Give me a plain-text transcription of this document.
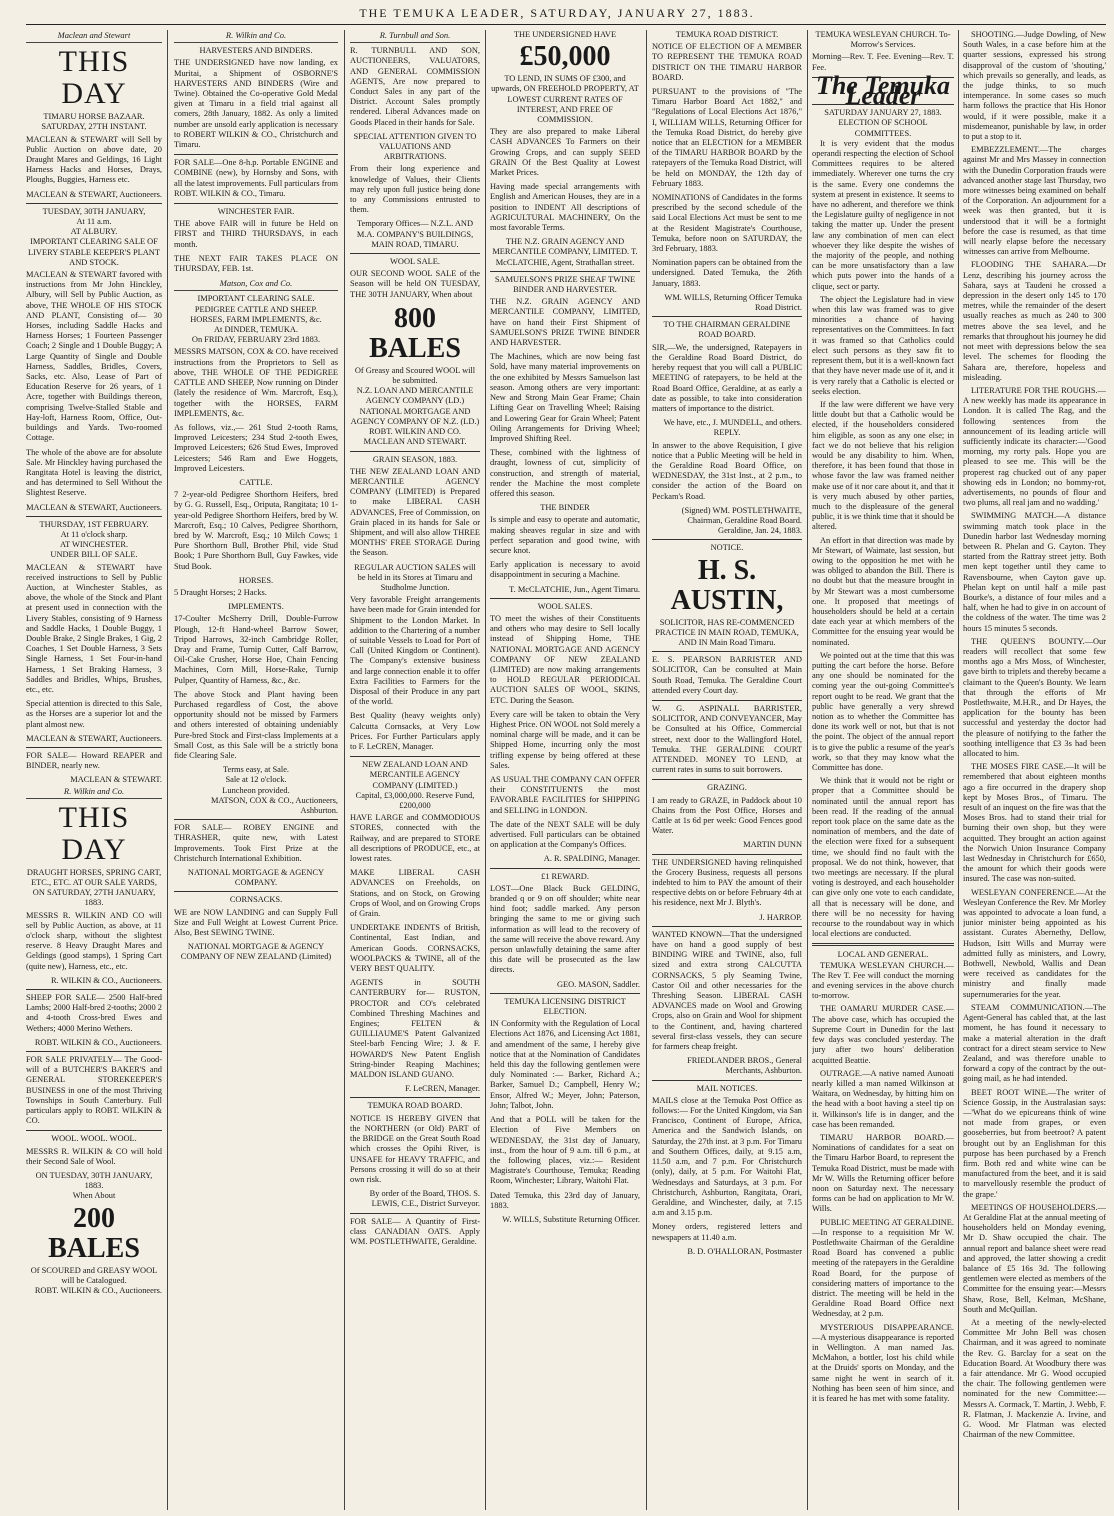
THE TEMUKA LEADER, SATURDAY, JANUARY 27, 1883.
Maclean and Stewart
THIS DAY
TIMARU HORSE BAZAAR.
SATURDAY, 27TH INSTANT.
MACLEAN & STEWART will Sell by Public Auction on above date, 20 Draught Mares and Geldings, 16 Light Harness Hacks and Horses, Drays, Ploughs, Buggies, Harness etc.
MACLEAN & STEWART, Auctioneers.
TUESDAY, 30TH JANUARY,
At 11 a.m.
AT ALBURY.
IMPORTANT CLEARING SALE OF LIVERY STABLE KEEPER'S PLANT AND STOCK.
MACLEAN & STEWART favored with instructions from Mr John Hinckley, Albury, will Sell by Public Auction, as above, THE WHOLE OF HIS STOCK AND PLANT, Consisting of— 30 Horses, including Saddle Hacks and Harness Horses; 1 Fourteen Passenger Coach; 2 Single and 1 Double Buggy; A Large Quantity of Single and Double Harness, Saddles, Bridles, Covers, Sacks, etc. Also, Lease of Part of Education Reserve for 26 years, of 1 Acre, together with Buildings thereon, comprising Twelve-Stalled Stable and Hay-loft, Harness Room, Office, Out-buildings and Yards. Two-roomed Cottage.
The whole of the above are for absolute Sale. Mr Hinckley having purchased the Rangitata Hotel is leaving the district, and has determined to Sell Without the Slightest Reserve.
MACLEAN & STEWART, Auctioneers.
THURSDAY, 1ST FEBRUARY.
At 11 o'clock sharp.
AT WINCHESTER.
UNDER BILL OF SALE.
MACLEAN & STEWART have received instructions to Sell by Public Auction, at Winchester Stables, as above, the whole of the Stock and Plant at present used in connection with the Livery Stables, consisting of 9 Harness and Saddle Hacks, 1 Double Buggy, 1 Double Brake, 2 Single Brakes, 1 Gig, 2 Coaches, 1 Set Double Harness, 3 Sets Single Harness, 1 Set Four-in-hand Harness, 1 Set Braking Harness, 3 Saddles and Bridles, Whips, Brushes, etc., etc.
Special attention is directed to this Sale, as the Horses are a superior lot and the plant almost new.
MACLEAN & STEWART, Auctioneers.
FOR SALE— Howard REAPER and BINDER, nearly new.
MACLEAN & STEWART.
R. Wilkin and Co.
THIS DAY
DRAUGHT HORSES, SPRING CART, ETC., ETC. AT OUR SALE YARDS, ON SATURDAY, 27TH JANUARY, 1883.
MESSRS R. WILKIN AND CO will sell by Public Auction, as above, at 11 o'clock sharp, without the slightest reserve. 8 Heavy Draught Mares and Geldings (good stamps), 1 Spring Cart (quite new), Harness, etc., etc.
R. WILKIN & CO., Auctioneers.
SHEEP FOR SALE— 2500 Half-bred Lambs; 2000 Half-bred 2-tooths; 2000 2 and 4-tooth Cross-bred Ewes and Wethers; 4000 Merino Wethers.
ROBT. WILKIN & CO., Auctioneers.
FOR SALE PRIVATELY— The Good-will of a BUTCHER'S BAKER'S and GENERAL STOREKEEPER'S BUSINESS in one of the most Thriving Townships in South Canterbury. Full particulars apply to ROBT. WILKIN & CO.
WOOL. WOOL. WOOL.
MESSRS R. WILKIN & CO will hold their Second Sale of Wool.
ON TUESDAY, 30TH JANUARY, 1883.
When About
200 BALES
Of SCOURED and GREASY WOOL will be Catalogued.
ROBT. WILKIN & CO., Auctioneers.
R. Wilkin and Co.
HARVESTERS AND BINDERS.
THE UNDERSIGNED have now landing, ex Muritai, a Shipment of OSBORNE'S HARVESTERS AND BINDERS (Wire and Twine). Obtained the Co-operative Gold Medal given at Timaru in a field trial against all comers, 28th January, 1882. As only a limited number are unsold early application is necessary to ROBERT WILKIN & CO., Christchurch and Timaru.
FOR SALE—One 8-h.p. Portable ENGINE and COMBINE (new), by Hornsby and Sons, with all the latest improvements. Full particulars from ROBT. WILKIN & CO., Timaru.
WINCHESTER FAIR.
THE above FAIR will in future be Held on FIRST and THIRD THURSDAYS, in each month.
THE NEXT FAIR TAKES PLACE ON THURSDAY, FEB. 1st.
Matson, Cox and Co.
IMPORTANT CLEARING SALE.
PEDIGREE CATTLE AND SHEEP.
HORSES, FARM IMPLEMENTS, &c.
At DINDER, TEMUKA.
On FRIDAY, FEBRUARY 23rd 1883.
MESSRS MATSON, COX & CO. have received instructions from the Proprietors to Sell as above, THE WHOLE OF THE PEDIGREE CATTLE AND SHEEP, Now running on Dinder (lately the residence of Wm. Marcroft, Esq.), together with the HORSES, FARM IMPLEMENTS, &c.
As follows, viz.,— 261 Stud 2-tooth Rams, Improved Leicesters; 234 Stud 2-tooth Ewes, Improved Leicesters; 626 Stud Ewes, Improved Leicesters; 546 Ram and Ewe Hoggets, Improved Leicesters.
CATTLE.
7 2-year-old Pedigree Shorthorn Heifers, bred by G. G. Russell, Esq., Oriputa, Rangitata; 10 1-year-old Pedigree Shorthorn Heifers, bred by W. Marcroft, Esq.; 10 Calves, Pedigree Shorthorn, bred by W. Marcroft, Esq.; 10 Milch Cows; 1 Pure Shorthorn Bull, Brother Phil, vide Stud Book; 1 Pure Shorthorn Bull, Guy Fawkes, vide Stud Book.
HORSES.
5 Draught Horses; 2 Hacks.
IMPLEMENTS.
17-Coulter McSherry Drill, Double-Furrow Plough, 12-ft Hand-wheel Barrow Sower, Tripod Harrows, 32-inch Cambridge Roller, Dray and Frame, Turnip Cutter, Calf Barrow, Oil-Cake Crusher, Horse Hoe, Chain Fencing Machines, Corn Mill, Horse-Rake, Turnip Pulper, Quantity of Harness, &c., &c.
The above Stock and Plant having been Purchased regardless of Cost, the above opportunity should not be missed by Farmers and others interested of obtaining undeniably Pure-bred Stock and First-class Implements at a Small Cost, as this Sale will be a strictly bona fide Clearing Sale.
Terms easy, at Sale.
Sale at 12 o'clock.
Luncheon provided.
MATSON, COX & CO., Auctioneers, Ashburton.
FOR SALE— ROBEY ENGINE and THRASHER, quite new, with Latest Improvements. Took First Prize at the Christchurch International Exhibition.
NATIONAL MORTGAGE & AGENCY COMPANY.
CORNSACKS.
WE are NOW LANDING and can Supply Full Size and Full Weight at Lowest Current Price. Also, Best SEWING TWINE.
NATIONAL MORTGAGE & AGENCY COMPANY OF NEW ZEALAND (Limited)
R. Turnbull and Son.
R. TURNBULL AND SON, AUCTIONEERS, VALUATORS, AND GENERAL COMMISSION AGENTS, Are now prepared to Conduct Sales in any part of the District. Account Sales promptly rendered. Liberal Advances made on Goods Placed in their hands for Sale.
SPECIAL ATTENTION GIVEN TO VALUATIONS AND ARBITRATIONS.
From their long experience and knowledge of Values, their Clients may rely upon full justice being done to any Commissions entrusted to them.
Temporary Offices— N.Z.L. AND M.A. COMPANY'S BUILDINGS, MAIN ROAD, TIMARU.
WOOL SALE.
OUR SECOND WOOL SALE of the Season will be held ON TUESDAY, THE 30TH JANUARY, When about
800 BALES
Of Greasy and Scoured WOOL will be submitted.
N.Z. LOAN AND MERCANTILE AGENCY COMPANY (LD.)
NATIONAL MORTGAGE AND AGENCY COMPANY OF N.Z. (LD.)
ROBT. WILKIN AND CO.
MACLEAN AND STEWART.
GRAIN SEASON, 1883.
THE NEW ZEALAND LOAN AND MERCANTILE AGENCY COMPANY (LIMITED) is Prepared to make LIBERAL CASH ADVANCES, Free of Commission, on Grain placed in its hands for Sale or Shipment, and will also allow THREE MONTHS' FREE STORAGE During the Season.
REGULAR AUCTION SALES will be held in its Stores at Timaru and Studholme Junction.
Very favorable Freight arrangements have been made for Grain intended for Shipment to the London Market. In addition to the Chartering of a number of suitable Vessels to Load for Port of Call (United Kingdom or Continent). The Company's extensive business and large connection enable it to offer Extra Facilities to Farmers for the Disposal of their Produce in any part of the world.
Best Quality (heavy weights only) Calcutta Cornsacks, at Very Low Prices. For Further Particulars apply to F. LeCREN, Manager.
NEW ZEALAND LOAN AND MERCANTILE AGENCY COMPANY (LIMITED.)
Capital, £3,000,000. Reserve Fund, £200,000
HAVE LARGE and COMMODIOUS STORES, connected with the Railway, and are prepared to STORE all descriptions of PRODUCE, etc., at lowest rates.
MAKE LIBERAL CASH ADVANCES on Freeholds, on Stations, and on Stock, on Growing Crops of Wool, and on Growing Crops of Grain.
UNDERTAKE INDENTS of British, Continental, East Indian, and American Goods. CORNSACKS, WOOLPACKS & TWINE, all of the VERY BEST QUALITY.
AGENTS in SOUTH CANTERBURY for— RUSTON, PROCTOR and CO's celebrated Combined Threshing Machines and Engines; FELTEN & GUILLIAUME'S Patent Galvanized Steel-barb Fencing Wire; J. & F. HOWARD'S New Patent English String-binder Reaping Machines; MALDON ISLAND GUANO.
F. LeCREN, Manager.
TEMUKA ROAD BOARD.
NOTICE IS HEREBY GIVEN that the NORTHERN (or Old) PART of the BRIDGE on the Great South Road which crosses the Opihi River, is UNSAFE for HEAVY TRAFFIC, and Persons crossing it will do so at their own risk.
By order of the Board, THOS. S. LEWIS, C.E., District Surveyor.
FOR SALE— A Quantity of First-class CANADIAN OATS. Apply WM. POSTLETHWAITE, Geraldine.
THE UNDERSIGNED HAVE
£50,000
TO LEND, IN SUMS OF £300, and upwards, ON FREEHOLD PROPERTY, AT LOWEST CURRENT RATES OF INTEREST, AND FREE OF COMMISSION.
They are also prepared to make Liberal CASH ADVANCES To Farmers on their Growing Crops, and can supply SEED GRAIN Of the Best Quality at Lowest Market Prices.
Having made special arrangements with English and American Houses, they are in a position to INDENT All descriptions of AGRICULTURAL MACHINERY, On the most favorable Terms.
THE N.Z. GRAIN AGENCY AND MERCANTILE COMPANY, LIMITED. T. McCLATCHIE, Agent, Strathallan street.
SAMUELSON'S PRIZE SHEAF TWINE BINDER AND HARVESTER.
THE N.Z. GRAIN AGENCY AND MERCANTILE COMPANY, LIMITED, have on hand their First Shipment of SAMUELSON'S PRIZE TWINE BINDER AND HARVESTER.
The Machines, which are now being fast Sold, have many material improvements on the one exhibited by Messrs Samuelson last season. Among others are very important: New and Strong Main Gear Frame; Chain Lifting Gear on Travelling Wheel; Raising and Lowering Gear for Grain Wheel; Patent Oiling Arrangements for Driving Wheel; Improved Shifting Reel.
These, combined with the lightness of draught, lowness of cut, simplicity of construction, and strength of material, render the Machine the most complete offered this season.
THE BINDER
Is simple and easy to operate and automatic, making sheaves regular in size and with perfect separation and good twine, with secure knot.
Early application is necessary to avoid disappointment in securing a Machine.
T. McCLATCHIE, Jun., Agent Timaru.
WOOL SALES.
TO meet the wishes of their Constituents and others who may desire to Sell locally instead of Shipping Home, THE NATIONAL MORTGAGE AND AGENCY COMPANY OF NEW ZEALAND (LIMITED) are now making arrangements to HOLD REGULAR PERIODICAL AUCTION SALES OF WOOL, SKINS, ETC. During the Season.
Every care will be taken to obtain the Very Highest Price. ON WOOL not Sold merely a nominal charge will be made, and it can be Shipped Home, incurring only the most trifling expense by being offered at these Sales.
AS USUAL THE COMPANY CAN OFFER their CONSTITUENTS the most FAVORABLE FACILITIES for SHIPPING and SELLING in LONDON.
The date of the NEXT SALE will be duly advertised. Full particulars can be obtained on application at the Company's Offices.
A. R. SPALDING, Manager.
£1 REWARD.
LOST—One Black Buck GELDING, branded q or 9 on off shoulder; white near hind foot; saddle marked. Any person bringing the same to me or giving such information as will lead to the recovery of the same will receive the above reward. Any person unlawfully detaining the same after this date will be prosecuted as the law directs.
GEO. MASON, Saddler.
TEMUKA LICENSING DISTRICT ELECTION.
IN Conformity with the Regulation of Local Elections Act 1876, and Licensing Act 1881, and amendment of the same, I hereby give notice that at the Nomination of Candidates held this day the following gentlemen were duly Nominated :— Barker, Richard A.; Barker, Samuel D.; Campbell, Henry W.; Ensor, Alfred W.; Meyer, John; Paterson, John; Talbot, John.
And that a POLL will be taken for the Election of Five Members on WEDNESDAY, the 31st day of January, inst., from the hour of 9 a.m. till 6 p.m., at the following places, viz.:— Resident Magistrate's Courthouse, Temuka; Reading Room, Winchester; Library, Waitohi Flat.
Dated Temuka, this 23rd day of January, 1883.
W. WILLS, Substitute Returning Officer.
TEMUKA ROAD DISTRICT.
NOTICE OF ELECTION OF A MEMBER TO REPRESENT THE TEMUKA ROAD DISTRICT ON THE TIMARU HARBOR BOARD.
PURSUANT to the provisions of "The Timaru Harbor Board Act 1882," and "Regulations of Local Elections Act 1876," I, WILLIAM WILLS, Returning Officer for the Temuka Road District, do hereby give notice that an ELECTION for a MEMBER of the TIMARU HARBOR BOARD by the ratepayers of the Temuka Road District, will be held on MONDAY, the 12th day of February 1883.
NOMINATIONS of Candidates in the forms prescribed by the second schedule of the said Local Elections Act must be sent to me at the Resident Magistrate's Courthouse, Temuka, before noon on SATURDAY, the 3rd February, 1883.
Nomination papers can be obtained from the undersigned. Dated Temuka, the 26th January, 1883.
WM. WILLS, Returning Officer Temuka Road District.
TO THE CHAIRMAN GERALDINE ROAD BOARD.
SIR,—We, the undersigned, Ratepayers in the Geraldine Road Board District, do hereby request that you will call a PUBLIC MEETING of ratepayers, to be held at the Road Board Office, Geraldine, at as early a date as possible, to take into consideration matters of importance to the district.
We have, etc., J. MUNDELL, and others.
REPLY.
In answer to the above Requisition, I give notice that a Public Meeting will be held in the Geraldine Road Board Office, on WEDNESDAY, the 31st Inst., at 2 p.m., to consider the action of the Board on Peckam's Road.
(Signed) WM. POSTLETHWAITE, Chairman, Geraldine Road Board. Geraldine, Jan. 24, 1883.
NOTICE.
H. S. AUSTIN,
SOLICITOR, HAS RE-COMMENCED PRACTICE IN MAIN ROAD, TEMUKA, AND IN Main Road Timaru.
E. S. PEARSON BARRISTER AND SOLICITOR, Can be consulted at Main South Road, Temuka. The Geraldine Court attended every Court day.
W. G. ASPINALL BARRISTER, SOLICITOR, AND CONVEYANCER, May be Consulted at his Office, Commercial street, next door to the Wallingford Hotel, Temuka. THE GERALDINE COURT ATTENDED. MONEY TO LEND, at current rates in sums to suit borrowers.
GRAZING.
I am ready to GRAZE, in Paddock about 10 Chains from the Post Office, Horses and Cattle at 1s 6d per week: Good Fences good Water.
MARTIN DUNN
THE UNDERSIGNED having relinquished the Grocery Business, requests all persons indebted to him to PAY the amount of their respective debts on or before February 4th at his residence, next Mr J. Blyth's.
J. HARROP.
WANTED KNOWN—That the undersigned have on hand a good supply of best BINDING WIRE and TWINE, also, full sized and extra strong CALCUTTA CORNSACKS, 5 ply Seaming Twine, Castor Oil and other necessaries for the Threshing Season. LIBERAL CASH ADVANCES made on Wool and Growing Crops, also on Grain and Wool for shipment to the Continent, and, having chartered several first-class vessels, they can secure for farmers cheap freight.
FRIEDLANDER BROS., General Merchants, Ashburton.
MAIL NOTICES.
MAILS close at the Temuka Post Office as follows:— For the United Kingdom, via San Francisco, Continent of Europe, Africa, America and the Sandwich Islands, on Saturday, the 27th inst. at 3 p.m. For Timaru and Southern Offices, daily, at 9.15 a.m, 11.50 a.m, and 7 p.m. For Christchurch (only), daily, at 5 p.m. For Waitohi Flat, Wednesdays and Saturdays, at 3 p.m. For Christchurch, Ashburton, Rangitata, Orari, Geraldine, and Winchester, daily, at 7.15 a.m and 3.15 p.m.
Money orders, registered letters and newspapers at 11.40 a.m.
B. D. O'HALLORAN, Postmaster
TEMUKA WESLEYAN CHURCH. To-Morrow's Services.
Morning—Rev. T. Fee. Evening—Rev. T. Fee.
The Temuka Leader
SATURDAY JANUARY 27, 1883.
ELECTION OF SCHOOL COMMITTEES.
It is very evident that the modus operandi respecting the election of School Committees requires to be altered immediately. Wherever one turns the cry is the same. Every one condemns the system at present in existence. It seems to have no adherent, and therefore we think the Legislature guilty of negligence in not taking the matter up. Under the present law any combination of men can elect whoever they like despite the wishes of the majority of the people, and nothing can be more unsatisfactory than a law which puts power into the hands of a clique, sect or party.
The object the Legislature had in view when this law was framed was to give minorities a chance of having representatives on the Committees. In fact it was framed so that Catholics could elect such persons as they saw fit to represent them, but it is a well-known fact that they have never made use of it, and it is very rarely that a Catholic is elected or seeks election.
If the law were different we have very little doubt but that a Catholic would be elected, if the householders considered him eligible, as soon as any one else; in fact we do not believe that his religion would be any disability to him. When, therefore, it has been found that those in whose favor the law was framed neither make use of it nor care about it, and that it is very much abused by other parties, much to the displeasure of the general public, it is we think time that it should be altered.
An effort in that direction was made by Mr Stewart, of Waimate, last session, but owing to the opposition he met with he was obliged to abandon the Bill. There is no doubt but that the measure brought in by Mr Stewart was a most cumbersome one. It proposed that meetings of householders should be held at a certain date each year at which members of the Committee for the ensuing year would be nominated.
We pointed out at the time that this was putting the cart before the horse. Before any one should be nominated for the coming year the out-going Committee's report ought to be read. We grant that the public have generally a very shrewd notion as to whether the Committee has done its work well or not, but that is not the point. The object of the annual report is to give the public a resume of the year's work, so that they may know what the Committee has done.
We think that it would not be right or proper that a Committee should be nominated until the annual report has been read. If the reading of the annual report took place on the same date as the nomination of members, and the date of the election were fixed for a subsequent time, we should find no fault with the proposal. We do not think, however, that two meetings are necessary. If the plural voting is destroyed, and each householder can give only one vote to each candidate, all that is necessary will be done, and there will be no necessity for having recourse to the roundabout way in which local elections are conducted.
LOCAL AND GENERAL.
TEMUKA WESLEYAN CHURCH.—The Rev T. Fee will conduct the morning and evening services in the above church to-morrow.
THE OAMARU MURDER CASE.—The above case, which has occupied the Supreme Court in Dunedin for the last few days was concluded yesterday. The jury after two hours' deliberation acquitted Beattie.
OUTRAGE.—A native named Aunoati nearly killed a man named Wilkinson at Waitara, on Wednesday, by hitting him on the head with a boot having a steel tip on it. Wilkinson's life is in danger, and the case has been remanded.
TIMARU HARBOR BOARD.—Nominations of candidates for a seat on the Timaru Harbor Board, to represent the Temuka Road District, must be made with Mr W. Wills the Returning officer before noon on Saturday next. The necessary forms can be had on application to Mr W. Wills.
PUBLIC MEETING AT GERALDINE.—In response to a requisition Mr W. Postlethwaite Chairman of the Geraldine Road Board has convened a public meeting of the ratepayers in the Geraldine Road Board, for the purpose of considering matters of importance to the district. The meeting will be held in the Geraldine Road Board Office next Wednesday, at 2 p.m.
MYSTERIOUS DISAPPEARANCE.—A mysterious disappearance is reported in Wellington. A man named Jas. McMahon, a bottler, lost his child while at the Druids' sports on Monday, and the same night he went in search of it. Nothing has been seen of him since, and it is feared he has met with some fatality.
SHOOTING.—Judge Dowling, of New South Wales, in a case before him at the quarter sessions, expressed his strong disapproval of the custom of 'shouting,' which prevails so generally, and leads, as the judge thinks, to so much intemperance. In some cases so much harm follows the practice that His Honor would, if it were possible, make it a misdemeanor, punishable by law, in order to put a stop to it.
EMBEZZLEMENT.—The charges against Mr and Mrs Massey in connection with the Dunedin Corporation frauds were advanced another stage last Thursday, two more witnesses being examined on behalf of the Corporation. An adjournment for a week was then granted, but it is understood that it will be a fortnight before the case is resumed, as that time will nearly elapse before the necessary witnesses can arrive from Melbourne.
FLOODING THE SAHARA.—Dr Lenz, describing his journey across the Sahara, says at Taudeni he crossed a depression in the desert only 145 to 170 metres, while the remainder of the desert usually reaches as much as 240 to 300 metres above the sea level, and he remarks that throughout his journey he did not meet with depressions below the sea level. The schemes for flooding the Sahara are, therefore, hopeless and misleading.
LITERATURE FOR THE ROUGHS.—A new weekly has made its appearance in London. It is called The Rag, and the following sentences from the announcement of its leading article will sufficiently indicate its character:—'Good morning, my rorty pals. Hope you are pleased to see me. This will be the properest rag chucked out of any paper showing eds in London; no bommy-rot, advertisements, no pounds of flour and two plums, all real jam and no wadding.'
SWIMMING MATCH.—A distance swimming match took place in the Dunedin harbor last Wednesday morning between R. Phelan and G. Cayton. They started from the Rattray street jetty. Both men kept together until they came to Ravensbourne, when Cayton gave up. Phelan kept on until half a mile past Bourke's, a distance of four miles and a half, when he had to give in on account of the coldness of the water. The time was 2 hours 15 minutes 5 seconds.
THE QUEEN'S BOUNTY.—Our readers will recollect that some few months ago a Mrs Moss, of Winchester, gave birth to triplets and thereby became a claimant to the Queen's Bounty. We learn that through the efforts of Mr Postlethwaite, M.H.R., and Dr Hayes, the application for the bounty has been successful and yesterday the doctor had the pleasure of notifying to the father the soothing intelligence that £3 3s had been allocated to him.
THE MOSES FIRE CASE.—It will be remembered that about eighteen months ago a fire occurred in the drapery shop kept by Moses Bros., of Timaru. The result of an inquest on the fire was that the Moses Bros. had to stand their trial for burning their own shop, but they were acquitted. They brought an action against the Norwich Union Insurance Company last Wednesday in Christchurch for £650, the amount for which their goods were insured. The case was non-suited.
WESLEYAN CONFERENCE.—At the Wesleyan Conference the Rev. Mr Morley was appointed to advocate a loan fund, a junior minister being appointed as his assistant. Curates Abernethy, Dellow, Hudson, Isitt Wills and Murray were admitted fully as ministers, and Lowry, Bothwell, Newbold, Wallis and Dean were received as candidates for the ministry and finally made supernumeraries for the year.
STEAM COMMUNICATION.—The Agent-General has cabled that, at the last moment, he has found it necessary to make a material alteration in the draft contract for a direct steam service to New Zealand, and was therefore unable to forward a copy of the contract by the out-going mail, as he had intended.
BEET ROOT WINE.—The writer of Science Gossip, in the Australasian says:—'What do we epicureans think of wine not made from grapes, or even gooseberries, but from beetroot? A patent brought out by an Englishman for this purpose has been purchased by a French firm. Both red and white wine can be manufactured from the beet, and it is said to marvellously resemble the product of the grape.'
MEETINGS OF HOUSEHOLDERS.—At Geraldine Flat at the annual meeting of householders held on Monday evening, Mr D. Shaw occupied the chair. The annual report and balance sheet were read and approved, the latter showing a credit balance of £5 16s 3d. The following gentlemen were elected as members of the Committee for the ensuing year:—Messrs Shaw, Rose, Bell, Kelman, McShane, South and McQuillan.
At a meeting of the newly-elected Committee Mr John Bell was chosen Chairman, and it was agreed to nominate the Rev. G. Barclay for a seat on the Education Board. At Woodbury there was a fair attendance. Mr G. Wood occupied the chair. The following gentlemen were nominated for the new Committee:—Messrs A. Cormack, T. Martin, J. Webb, F. R. Flatman, J. Mackenzie A. Irvine, and G. Wood. Mr Flatman was elected Chairman of the new Committee.
